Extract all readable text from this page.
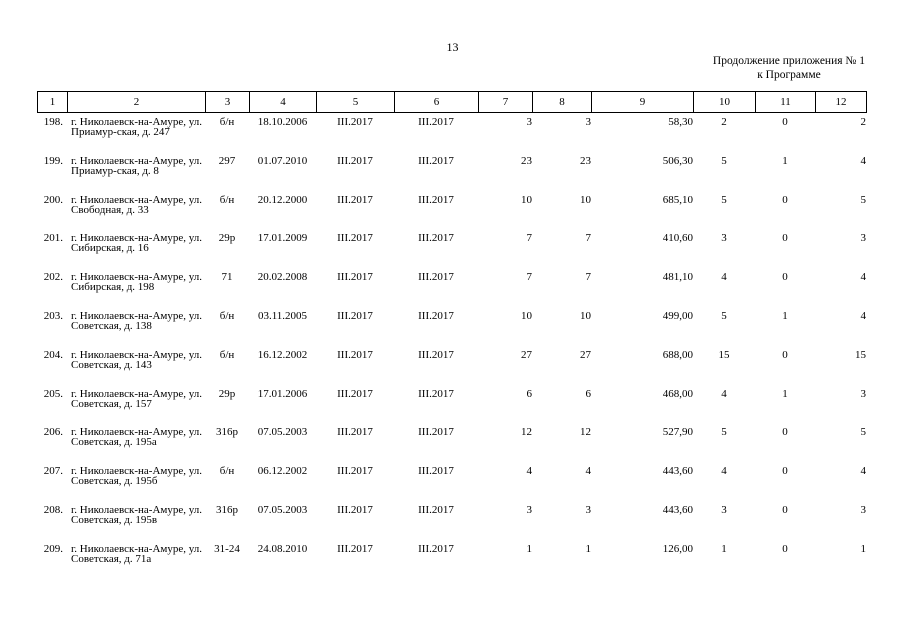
13
Продолжение приложения № 1
к Программе
1	2	3	4	5	6	7	8	9	10	11	12
198.	г. Николаевск-на-Амуре, ул. Приамур-ская, д. 247	б/н	18.10.2006	III.2017	III.2017	3	3	58,30	2	0	2
199.	г. Николаевск-на-Амуре, ул. Приамур-ская, д. 8	297	01.07.2010	III.2017	III.2017	23	23	506,30	5	1	4
200.	г. Николаевск-на-Амуре, ул. Свободная, д. 33	б/н	20.12.2000	III.2017	III.2017	10	10	685,10	5	0	5
201.	г. Николаевск-на-Амуре, ул. Сибирская, д. 16	29р	17.01.2009	III.2017	III.2017	7	7	410,60	3	0	3
202.	г. Николаевск-на-Амуре, ул. Сибирская, д. 198	71	20.02.2008	III.2017	III.2017	7	7	481,10	4	0	4
203.	г. Николаевск-на-Амуре, ул. Советская, д. 138	б/н	03.11.2005	III.2017	III.2017	10	10	499,00	5	1	4
204.	г. Николаевск-на-Амуре, ул. Советская, д. 143	б/н	16.12.2002	III.2017	III.2017	27	27	688,00	15	0	15
205.	г. Николаевск-на-Амуре, ул. Советская, д. 157	29р	17.01.2006	III.2017	III.2017	6	6	468,00	4	1	3
206.	г. Николаевск-на-Амуре, ул. Советская, д. 195а	316р	07.05.2003	III.2017	III.2017	12	12	527,90	5	0	5
207.	г. Николаевск-на-Амуре, ул. Советская, д. 195б	б/н	06.12.2002	III.2017	III.2017	4	4	443,60	4	0	4
208.	г. Николаевск-на-Амуре, ул. Советская, д. 195в	316р	07.05.2003	III.2017	III.2017	3	3	443,60	3	0	3
209.	г. Николаевск-на-Амуре, ул. Советская, д. 71а	31-24	24.08.2010	III.2017	III.2017	1	1	126,00	1	0	1
